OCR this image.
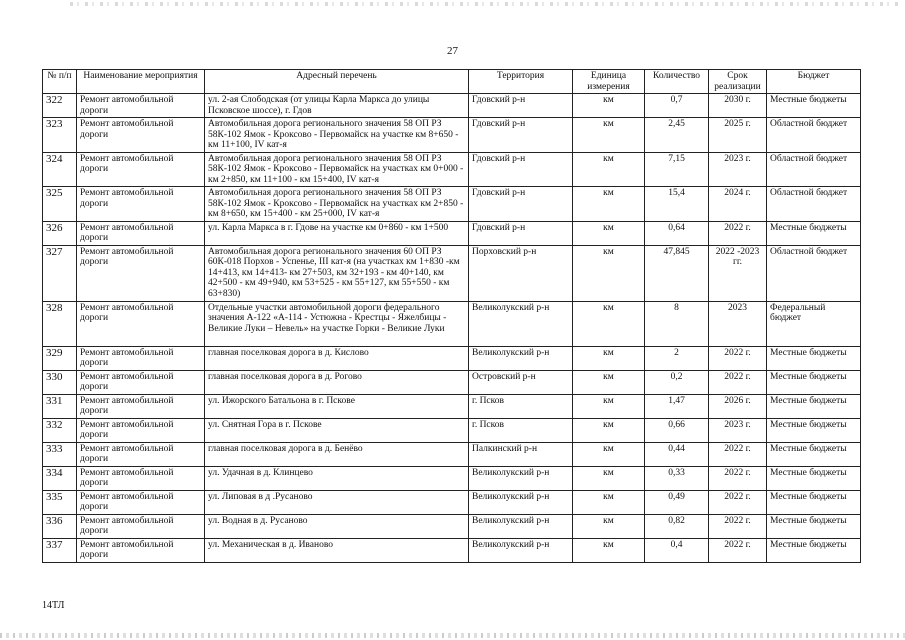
27
№ п/п	Наименование мероприятия	Адресный перечень	Территория	Единица измерения	Количество	Срок реализации	Бюджет
322	Ремонт автомобильной дороги	ул. 2-ая Слободская (от улицы Карла Маркса до улицы Псковское шоссе), г. Гдов	Гдовский р-н	км	0,7	2030 г.	Местные бюджеты
323	Ремонт автомобильной дороги	Автомобильная дорога регионального значения 58 ОП РЗ 58К-102 Ямок - Кроксово - Первомайск на участке км 8+650 - км 11+100, IV кат-я	Гдовский р-н	км	2,45	2025 г.	Областной бюджет
324	Ремонт автомобильной дороги	Автомобильная дорога регионального значения 58 ОП РЗ 58К-102 Ямок - Кроксово - Первомайск на участках км 0+000 - км 2+850, км 11+100 - км 15+400, IV кат-я	Гдовский р-н	км	7,15	2023 г.	Областной бюджет
325	Ремонт автомобильной дороги	Автомобильная дорога регионального значения 58 ОП РЗ 58К-102 Ямок - Кроксово - Первомайск на участках км 2+850 - км 8+650, км 15+400 - км 25+000, IV кат-я	Гдовский р-н	км	15,4	2024 г.	Областной бюджет
326	Ремонт автомобильной дороги	ул. Карла Маркса в г. Гдове на участке км 0+860 - км 1+500	Гдовский р-н	км	0,64	2022 г.	Местные бюджеты
327	Ремонт автомобильной дороги	Автомобильная дорога регионального значения 60 ОП РЗ 60К-018 Порхов - Успенье, III кат-я (на участках км 1+830 -км 14+413, км 14+413- км 27+503, км 32+193 - км 40+140, км 42+500 - км 49+940, км 53+525 - км 55+127, км 55+550 - км 63+830)	Порховский р-н	км	47,845	2022 -2023 гг.	Областной бюджет
328	Ремонт автомобильной дороги	Отдельные участки автомобильной дороги федерального значения А-122 «А-114 - Устюжна - Крестцы - Яжелбицы - Великие Луки – Невель» на участке Горки - Великие Луки	Великолукский р-н	км	8	2023	Федеральный бюджет
329	Ремонт автомобильной дороги	главная поселковая дорога в д. Кислово	Великолукский р-н	км	2	2022 г.	Местные бюджеты
330	Ремонт автомобильной дороги	главная поселковая дорога в д. Рогово	Островский р-н	км	0,2	2022 г.	Местные бюджеты
331	Ремонт автомобильной дороги	ул. Ижорского Батальона в г. Пскове	г. Псков	км	1,47	2026 г.	Местные бюджеты
332	Ремонт автомобильной дороги	ул. Снятная Гора в г. Пскове	г. Псков	км	0,66	2023 г.	Местные бюджеты
333	Ремонт автомобильной дороги	главная поселковая дорога в д. Бенёво	Палкинский р-н	км	0,44	2022 г.	Местные бюджеты
334	Ремонт автомобильной дороги	ул. Удачная в д. Клинцево	Великолукский р-н	км	0,33	2022 г.	Местные бюджеты
335	Ремонт автомобильной дороги	ул. Липовая в д .Русаново	Великолукский р-н	км	0,49	2022 г.	Местные бюджеты
336	Ремонт автомобильной дороги	ул. Водная в д. Русаново	Великолукский р-н	км	0,82	2022 г.	Местные бюджеты
337	Ремонт автомобильной дороги	ул. Механическая в д. Иваново	Великолукский р-н	км	0,4	2022 г.	Местные бюджеты
14ТЛ
